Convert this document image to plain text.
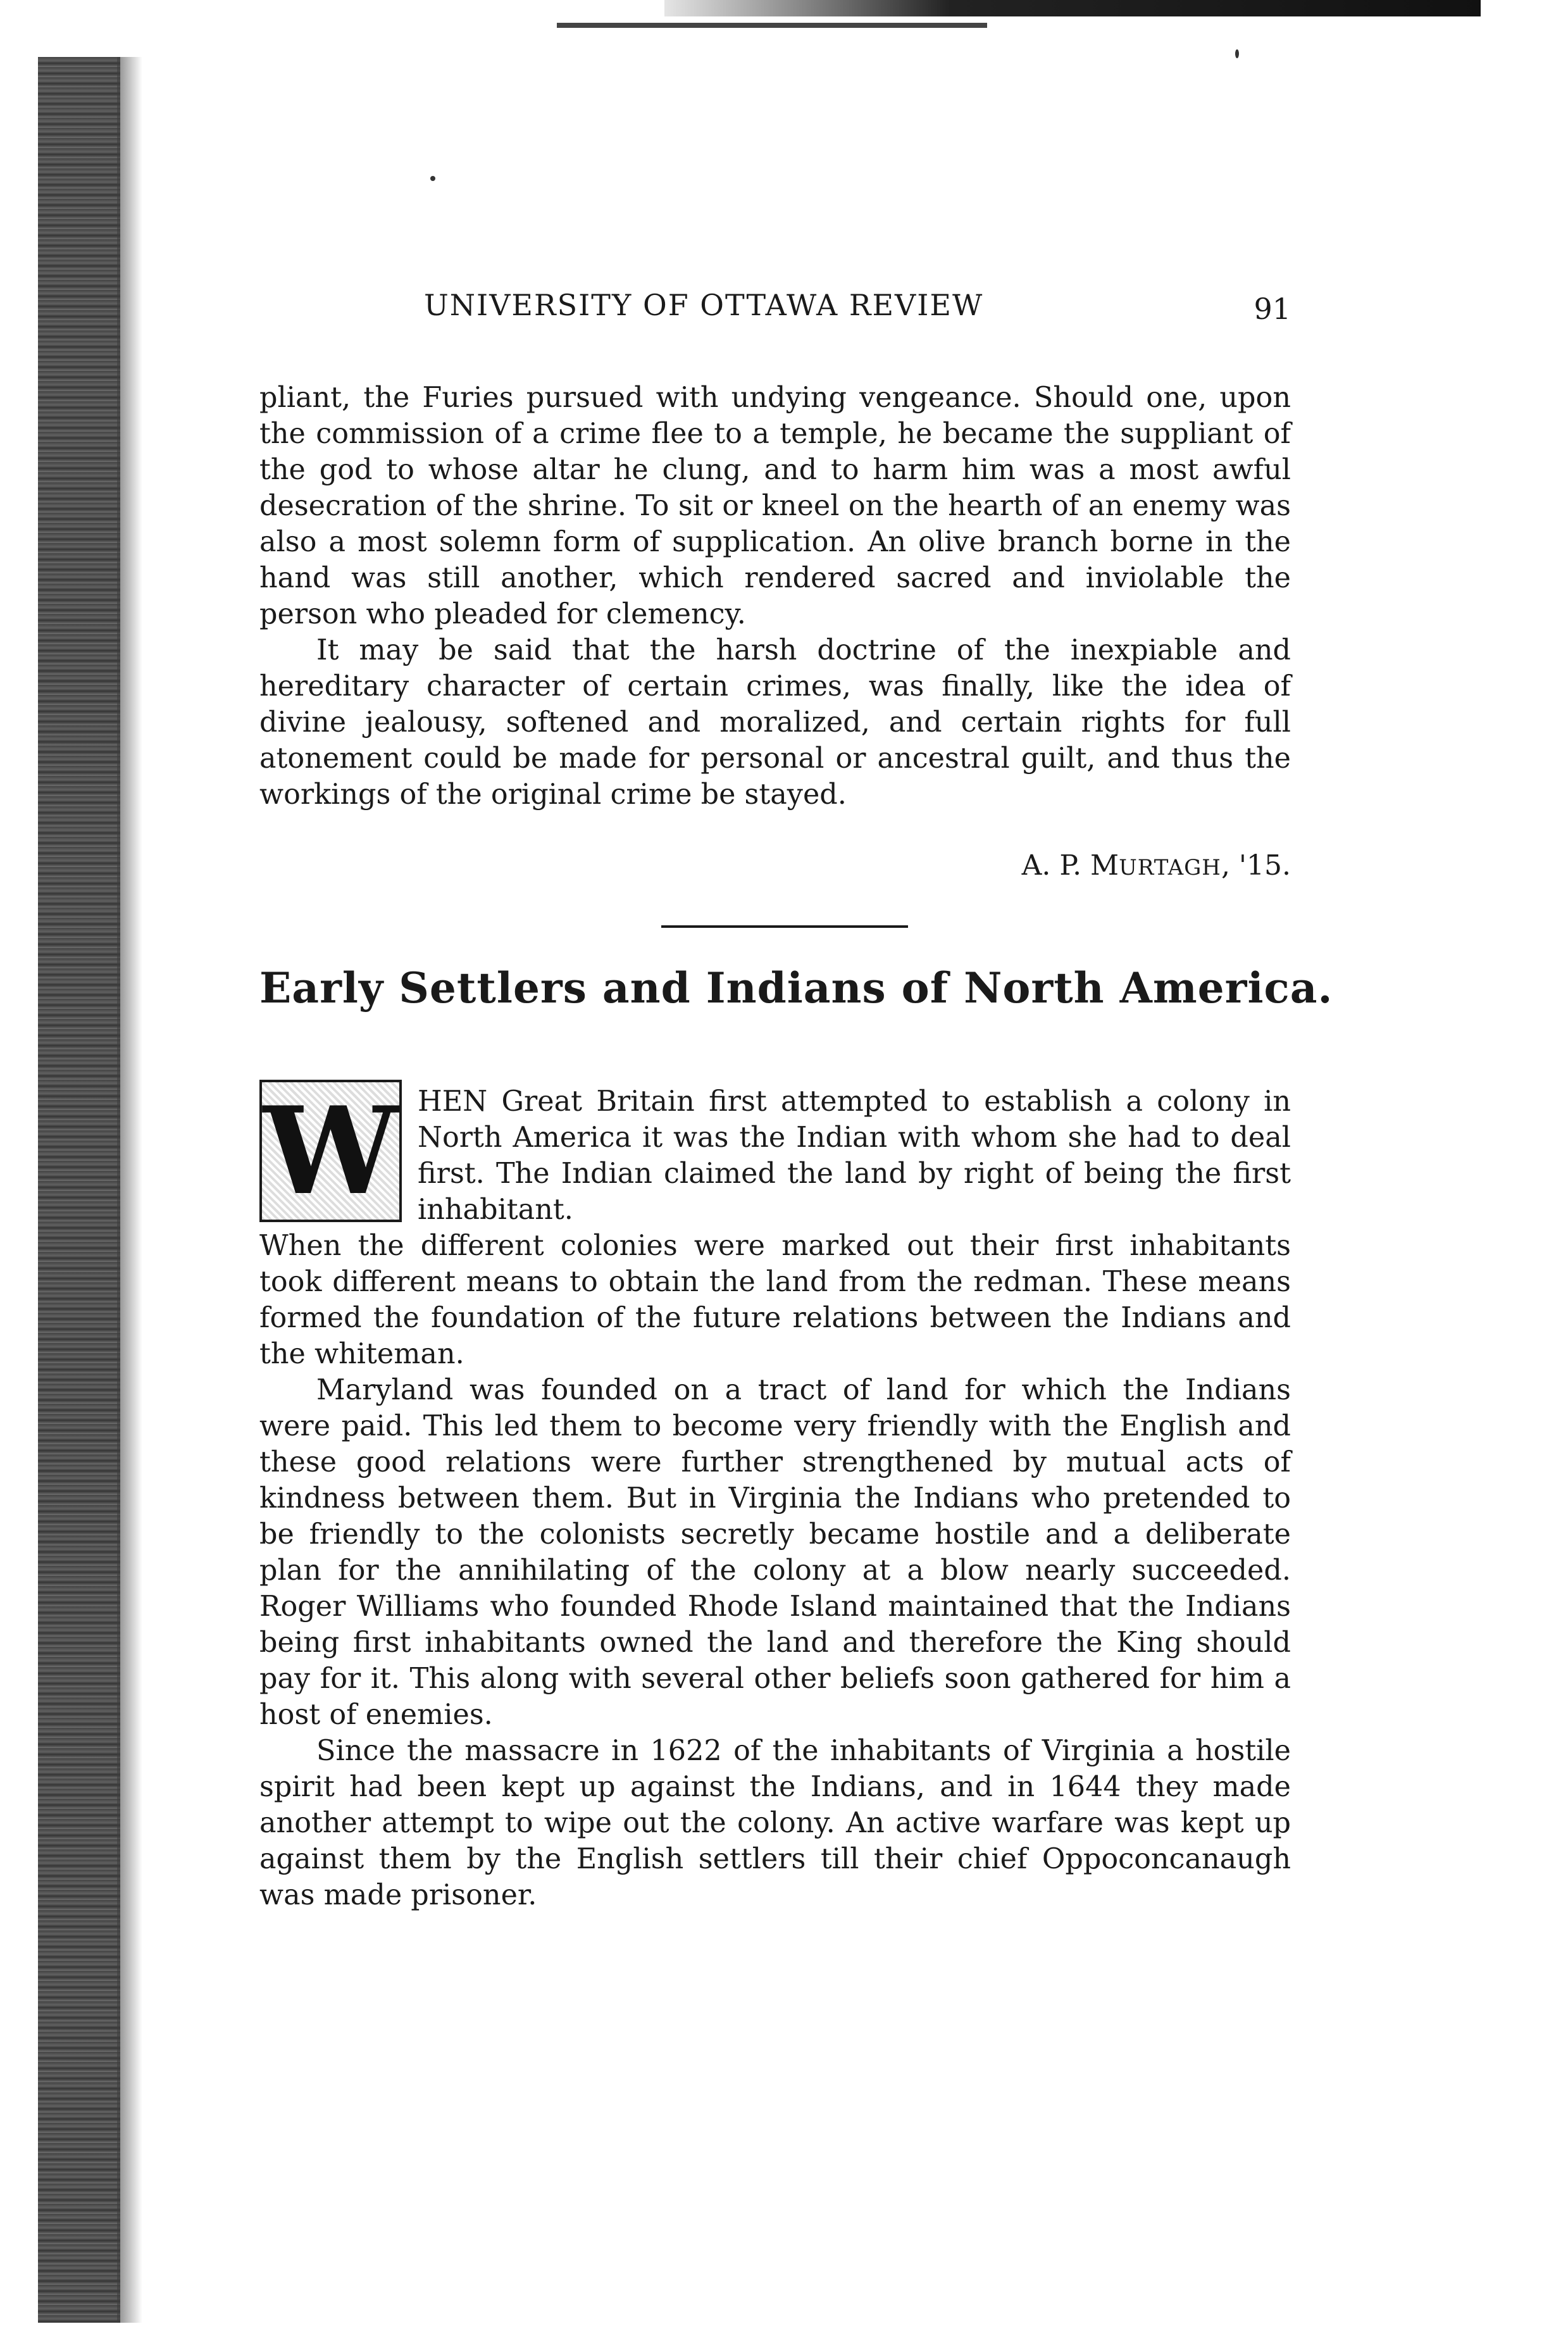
UNIVERSITY OF OTTAWA REVIEW	91

pliant, the Furies pursued with undying vengeance. Should one, upon the commission of a crime flee to a temple, he became the suppliant of the god to whose altar he clung, and to harm him was a most awful desecration of the shrine. To sit or kneel on the hearth of an enemy was also a most solemn form of supplication. An olive branch borne in the hand was still another, which rendered sacred and inviolable the person who pleaded for clemency.

It may be said that the harsh doctrine of the inexpiable and hereditary character of certain crimes, was finally, like the idea of divine jealousy, softened and moralized, and certain rights for full atonement could be made for personal or ancestral guilt, and thus the workings of the original crime be stayed.

A. P. MURTAGH, '15.
Early Settlers and Indians of North America.
W HEN Great Britain first attempted to establish a colony in North America it was the Indian with whom she had to deal first. The Indian claimed the land by right of being the first inhabitant.

When the different colonies were marked out their first inhabitants took different means to obtain the land from the redman. These means formed the foundation of the future relations between the Indians and the whiteman.

Maryland was founded on a tract of land for which the Indians were paid. This led them to become very friendly with the English and these good relations were further strengthened by mutual acts of kindness between them. But in Virginia the Indians who pretended to be friendly to the colonists secretly became hostile and a deliberate plan for the annihilating of the colony at a blow nearly succeeded. Roger Williams who founded Rhode Island maintained that the Indians being first inhabitants owned the land and therefore the King should pay for it. This along with several other beliefs soon gathered for him a host of enemies.

Since the massacre in 1622 of the inhabitants of Virginia a hostile spirit had been kept up against the Indians, and in 1644 they made another attempt to wipe out the colony. An active warfare was kept up against them by the English settlers till their chief Oppoconcanaugh was made prisoner.
